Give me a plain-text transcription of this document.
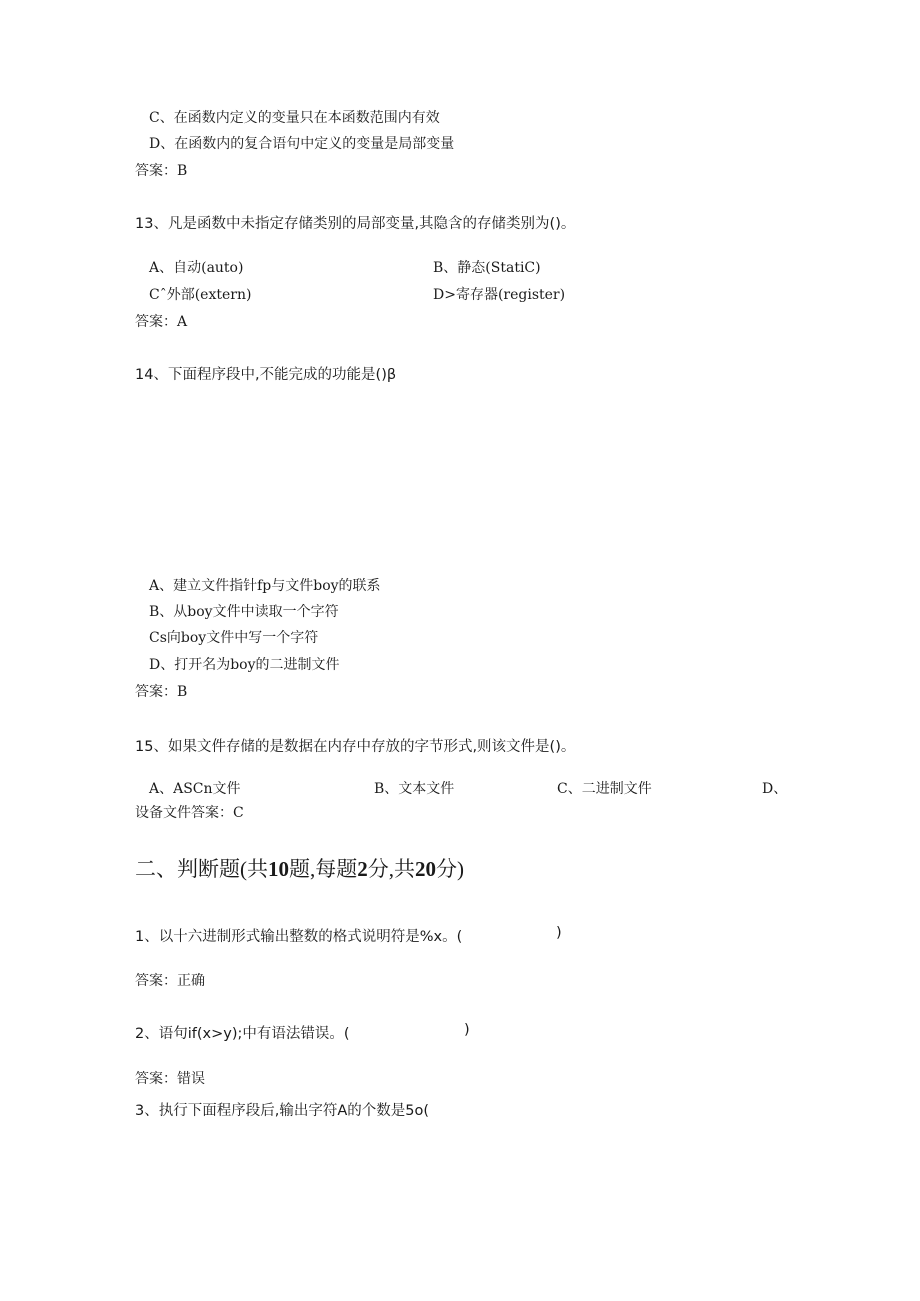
C、在函数内定义的变量只在本函数范围内有效
D、在函数内的复合语句中定义的变量是局部变量
答案：B
13、凡是函数中未指定存储类别的局部变量,其隐含的存储类别为()。
A、自动(auto)	B、静态(StatiC)
Cˆ外部(extern)	D>寄存器(register)
答案：A
14、下面程序段中,不能完成的功能是()β
A、建立文件指针fp与文件boy的联系
B、从boy文件中读取一个字符
Cs向boy文件中写一个字符
D、打开名为boy的二进制文件
答案：B
15、如果文件存储的是数据在内存中存放的字节形式,则该文件是()。
A、ASCn文件	B、文本文件	C、二进制文件	D、
设备文件答案：C
二、判断题(共10题,每题2分,共20分)
1、以十六进制形式输出整数的格式说明符是%x。(	)
答案：正确
2、语句if(x>y);中有语法错误。(	)
答案：错误
3、执行下面程序段后,输出字符A的个数是5o(
